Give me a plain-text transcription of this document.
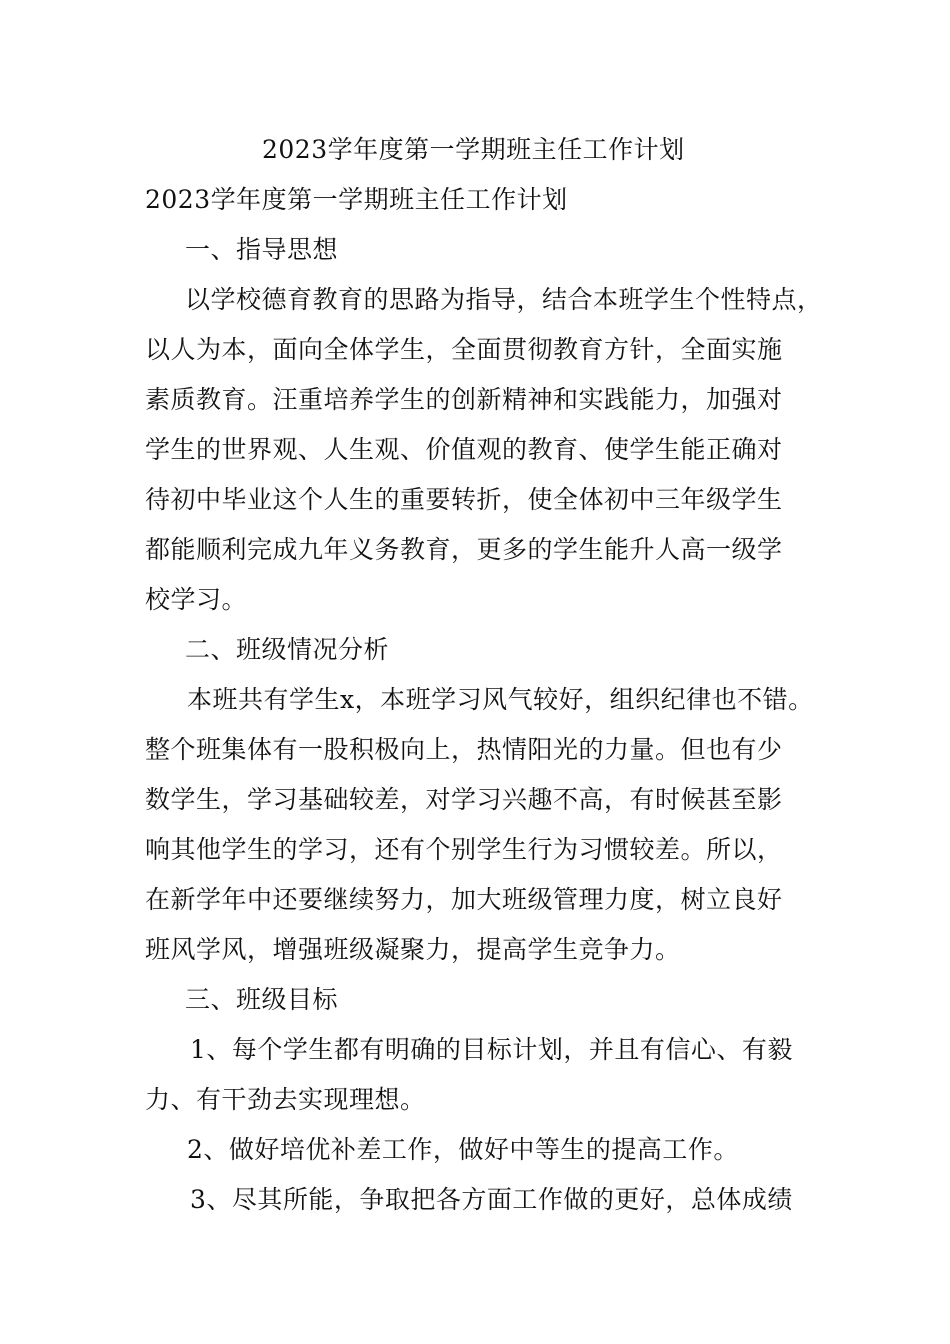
2023学年度第一学期班主任工作计划
2023学年度第一学期班主任工作计划
一、指导思想
以学校德育教育的思路为指导，结合本班学生个性特点，
以人为本，面向全体学生，全面贯彻教育方针，全面实施
素质教育。汪重培养学生的创新精神和实践能力，加强对
学生的世界观、人生观、价值观的教育、使学生能正确对
待初中毕业这个人生的重要转折，使全体初中三年级学生
都能顺利完成九年义务教育，更多的学生能升人高一级学
校学习。
二、班级情况分析
本班共有学生x，本班学习风气较好，组织纪律也不错。
整个班集体有一股积极向上，热情阳光的力量。但也有少
数学生，学习基础较差，对学习兴趣不高，有时候甚至影
响其他学生的学习，还有个别学生行为习惯较差。所以，
在新学年中还要继续努力，加大班级管理力度，树立良好
班风学风，增强班级凝聚力，提高学生竞争力。
三、班级目标
1、每个学生都有明确的目标计划，并且有信心、有毅
力、有干劲去实现理想。
2、做好培优补差工作，做好中等生的提高工作。
3、尽其所能，争取把各方面工作做的更好，总体成绩
